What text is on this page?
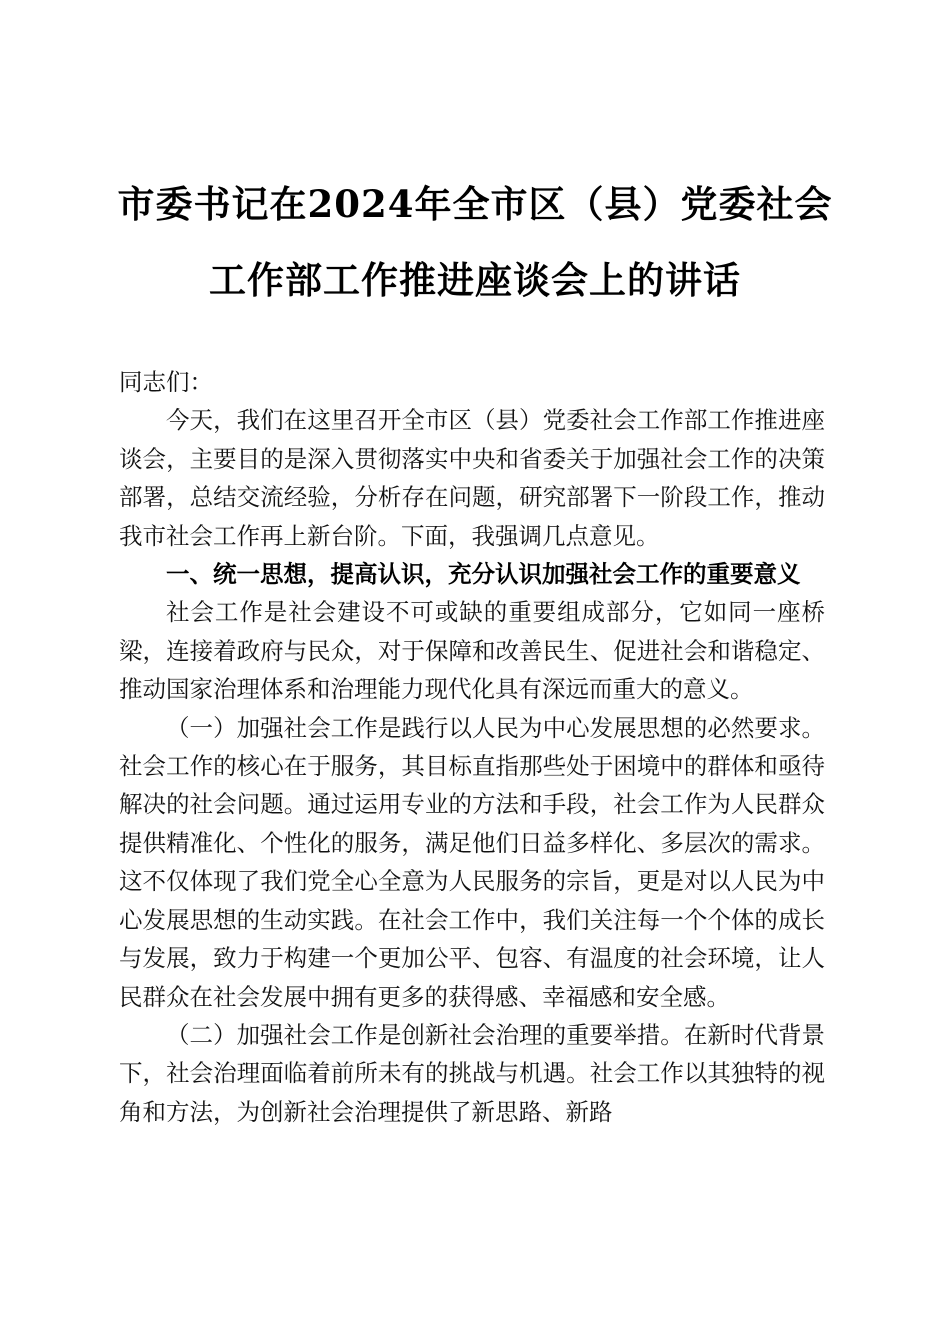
市委书记在2024年全市区（县）党委社会工作部工作推进座谈会上的讲话

同志们：

今天，我们在这里召开全市区（县）党委社会工作部工作推进座谈会，主要目的是深入贯彻落实中央和省委关于加强社会工作的决策部署，总结交流经验，分析存在问题，研究部署下一阶段工作，推动我市社会工作再上新台阶。下面，我强调几点意见。

一、统一思想，提高认识，充分认识加强社会工作的重要意义

社会工作是社会建设不可或缺的重要组成部分，它如同一座桥梁，连接着政府与民众，对于保障和改善民生、促进社会和谐稳定、推动国家治理体系和治理能力现代化具有深远而重大的意义。

（一）加强社会工作是践行以人民为中心发展思想的必然要求。社会工作的核心在于服务，其目标直指那些处于困境中的群体和亟待解决的社会问题。通过运用专业的方法和手段，社会工作为人民群众提供精准化、个性化的服务，满足他们日益多样化、多层次的需求。这不仅体现了我们党全心全意为人民服务的宗旨，更是对以人民为中心发展思想的生动实践。在社会工作中，我们关注每一个个体的成长与发展，致力于构建一个更加公平、包容、有温度的社会环境，让人民群众在社会发展中拥有更多的获得感、幸福感和安全感。

（二）加强社会工作是创新社会治理的重要举措。在新时代背景下，社会治理面临着前所未有的挑战与机遇。社会工作以其独特的视角和方法，为创新社会治理提供了新思路、新路
